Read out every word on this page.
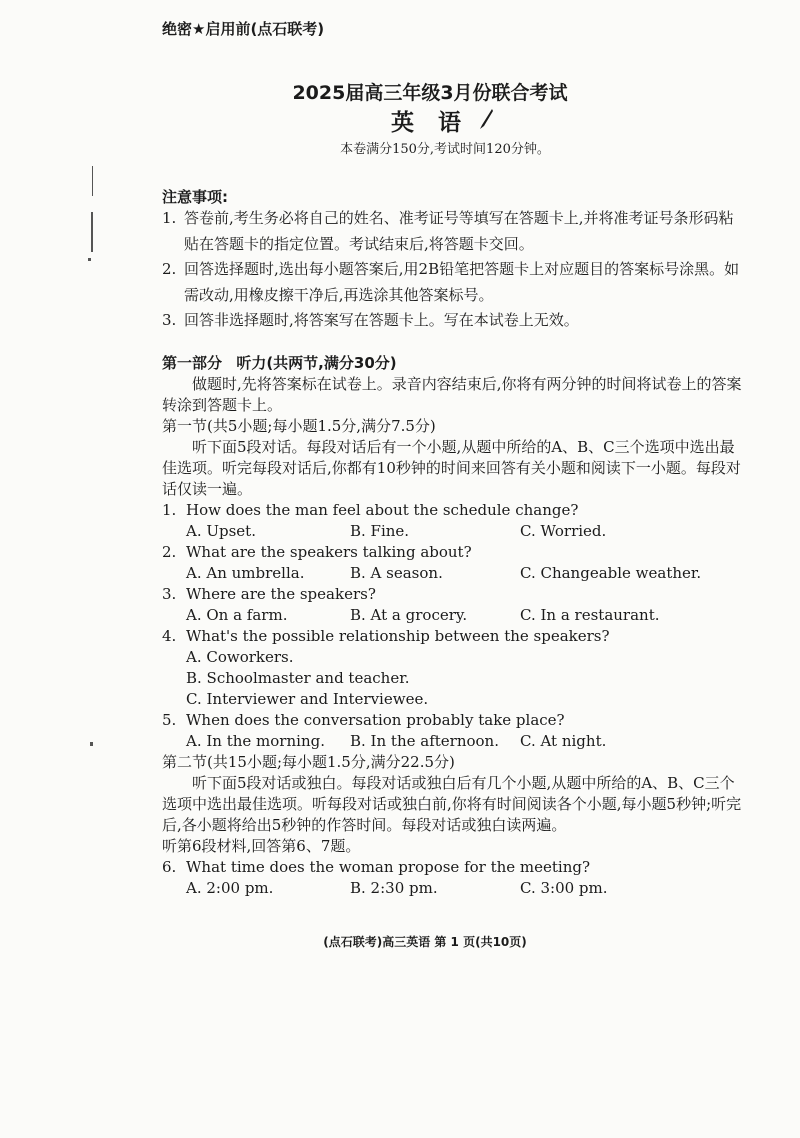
绝密★启用前(点石联考)
2025届高三年级3月份联合考试
英 语
本卷满分150分,考试时间120分钟。
注意事项:
1. 答卷前,考生务必将自己的姓名、准考证号等填写在答题卡上,并将准考证号条形码粘贴在答题卡的指定位置。考试结束后,将答题卡交回。
2. 回答选择题时,选出每小题答案后,用2B铅笔把答题卡上对应题目的答案标号涂黑。如需改动,用橡皮擦干净后,再选涂其他答案标号。
3. 回答非选择题时,将答案写在答题卡上。写在本试卷上无效。
第一部分 听力(共两节,满分30分)
做题时,先将答案标在试卷上。录音内容结束后,你将有两分钟的时间将试卷上的答案转涂到答题卡上。
第一节(共5小题;每小题1.5分,满分7.5分)
听下面5段对话。每段对话后有一个小题,从题中所给的A、B、C三个选项中选出最佳选项。听完每段对话后,你都有10秒钟的时间来回答有关小题和阅读下一小题。每段对话仅读一遍。
1. How does the man feel about the schedule change?
A. Upset.	B. Fine.	C. Worried.
2. What are the speakers talking about?
A. An umbrella.	B. A season.	C. Changeable weather.
3. Where are the speakers?
A. On a farm.	B. At a grocery.	C. In a restaurant.
4. What's the possible relationship between the speakers?
A. Coworkers.
B. Schoolmaster and teacher.
C. Interviewer and Interviewee.
5. When does the conversation probably take place?
A. In the morning. B. In the afternoon. C. At night.
第二节(共15小题;每小题1.5分,满分22.5分)
听下面5段对话或独白。每段对话或独白后有几个小题,从题中所给的A、B、C三个选项中选出最佳选项。听每段对话或独白前,你将有时间阅读各个小题,每小题5秒钟;听完后,各小题将给出5秒钟的作答时间。每段对话或独白读两遍。
听第6段材料,回答第6、7题。
6. What time does the woman propose for the meeting?
A. 2:00 pm.	B. 2:30 pm.	C. 3:00 pm.
(点石联考)高三英语 第 1 页(共10页)
